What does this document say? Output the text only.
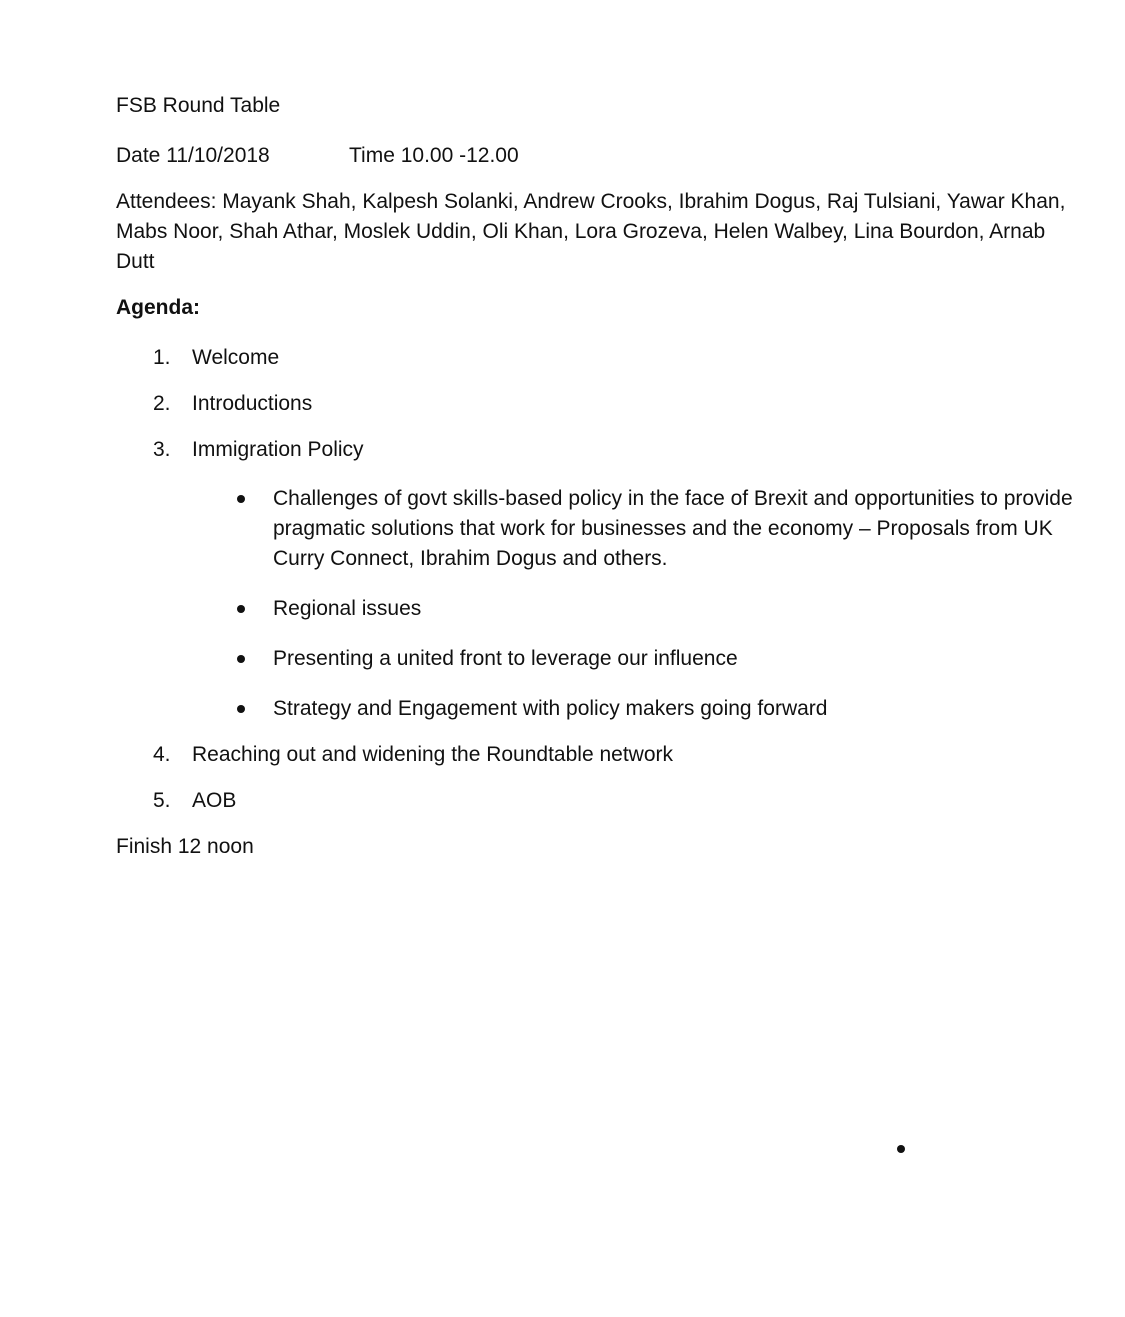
FSB Round Table
Date 11/10/2018	Time 10.00 -12.00
Attendees: Mayank Shah, Kalpesh Solanki, Andrew Crooks, Ibrahim Dogus, Raj Tulsiani, Yawar Khan, Mabs Noor, Shah Athar, Moslek Uddin, Oli Khan, Lora Grozeva, Helen Walbey, Lina Bourdon, Arnab Dutt
Agenda:
1. Welcome
2. Introductions
3. Immigration Policy
Challenges of govt skills-based policy in the face of Brexit and opportunities to provide pragmatic solutions that work for businesses and the economy – Proposals from UK Curry Connect, Ibrahim Dogus and others.
Regional issues
Presenting a united front to leverage our influence
Strategy and Engagement with policy makers going forward
4. Reaching out and widening the Roundtable network
5. AOB
Finish 12 noon
